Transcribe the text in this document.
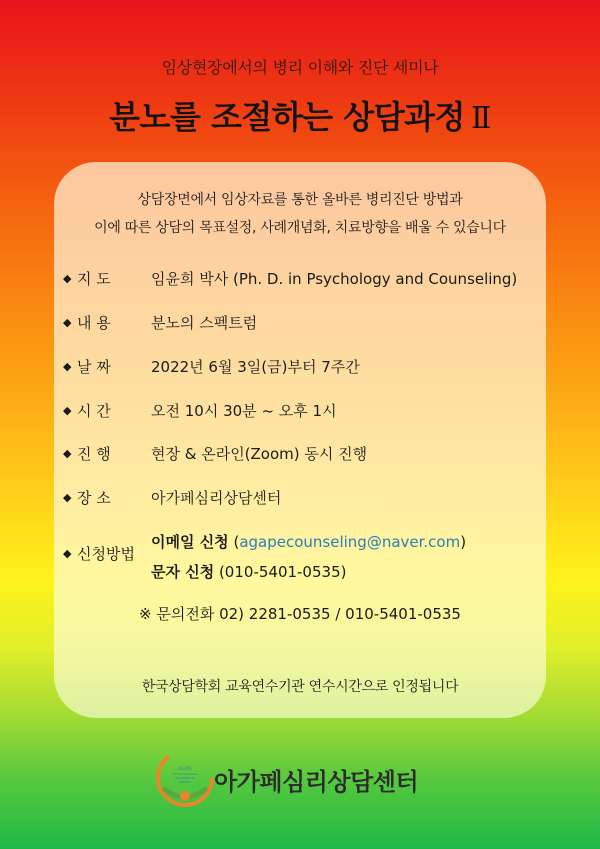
임상현장에서의 병리 이해와 진단 세미나
분노를 조절하는 상담과정 Ⅱ
상담장면에서 임상자료를 통한 올바른 병리진단 방법과
이에 따른 상담의 목표설정, 사례개념화, 치료방향을 배울 수 있습니다
◆ 지 도	임윤희 박사 (Ph. D. in Psychology and Counseling)
◆ 내 용	분노의 스펙트럼
◆ 날 짜	2022년 6월 3일(금)부터 7주간
◆ 시 간	오전 10시 30분 ~ 오후 1시
◆ 진 행	현장 & 온라인(Zoom) 동시 진행
◆ 장 소	아가페심리상담센터
◆ 신청방법
이메일 신청 (agapecounseling@naver.com)
문자 신청 (010-5401-0535)
※ 문의전화 02) 2281-0535 / 010-5401-0535
한국상담학회 교육연수기관 연수시간으로 인정됩니다
AGAPE
PSYCHOLOGICAL
COUNSELING
CENTER 아가페심리상담센터
